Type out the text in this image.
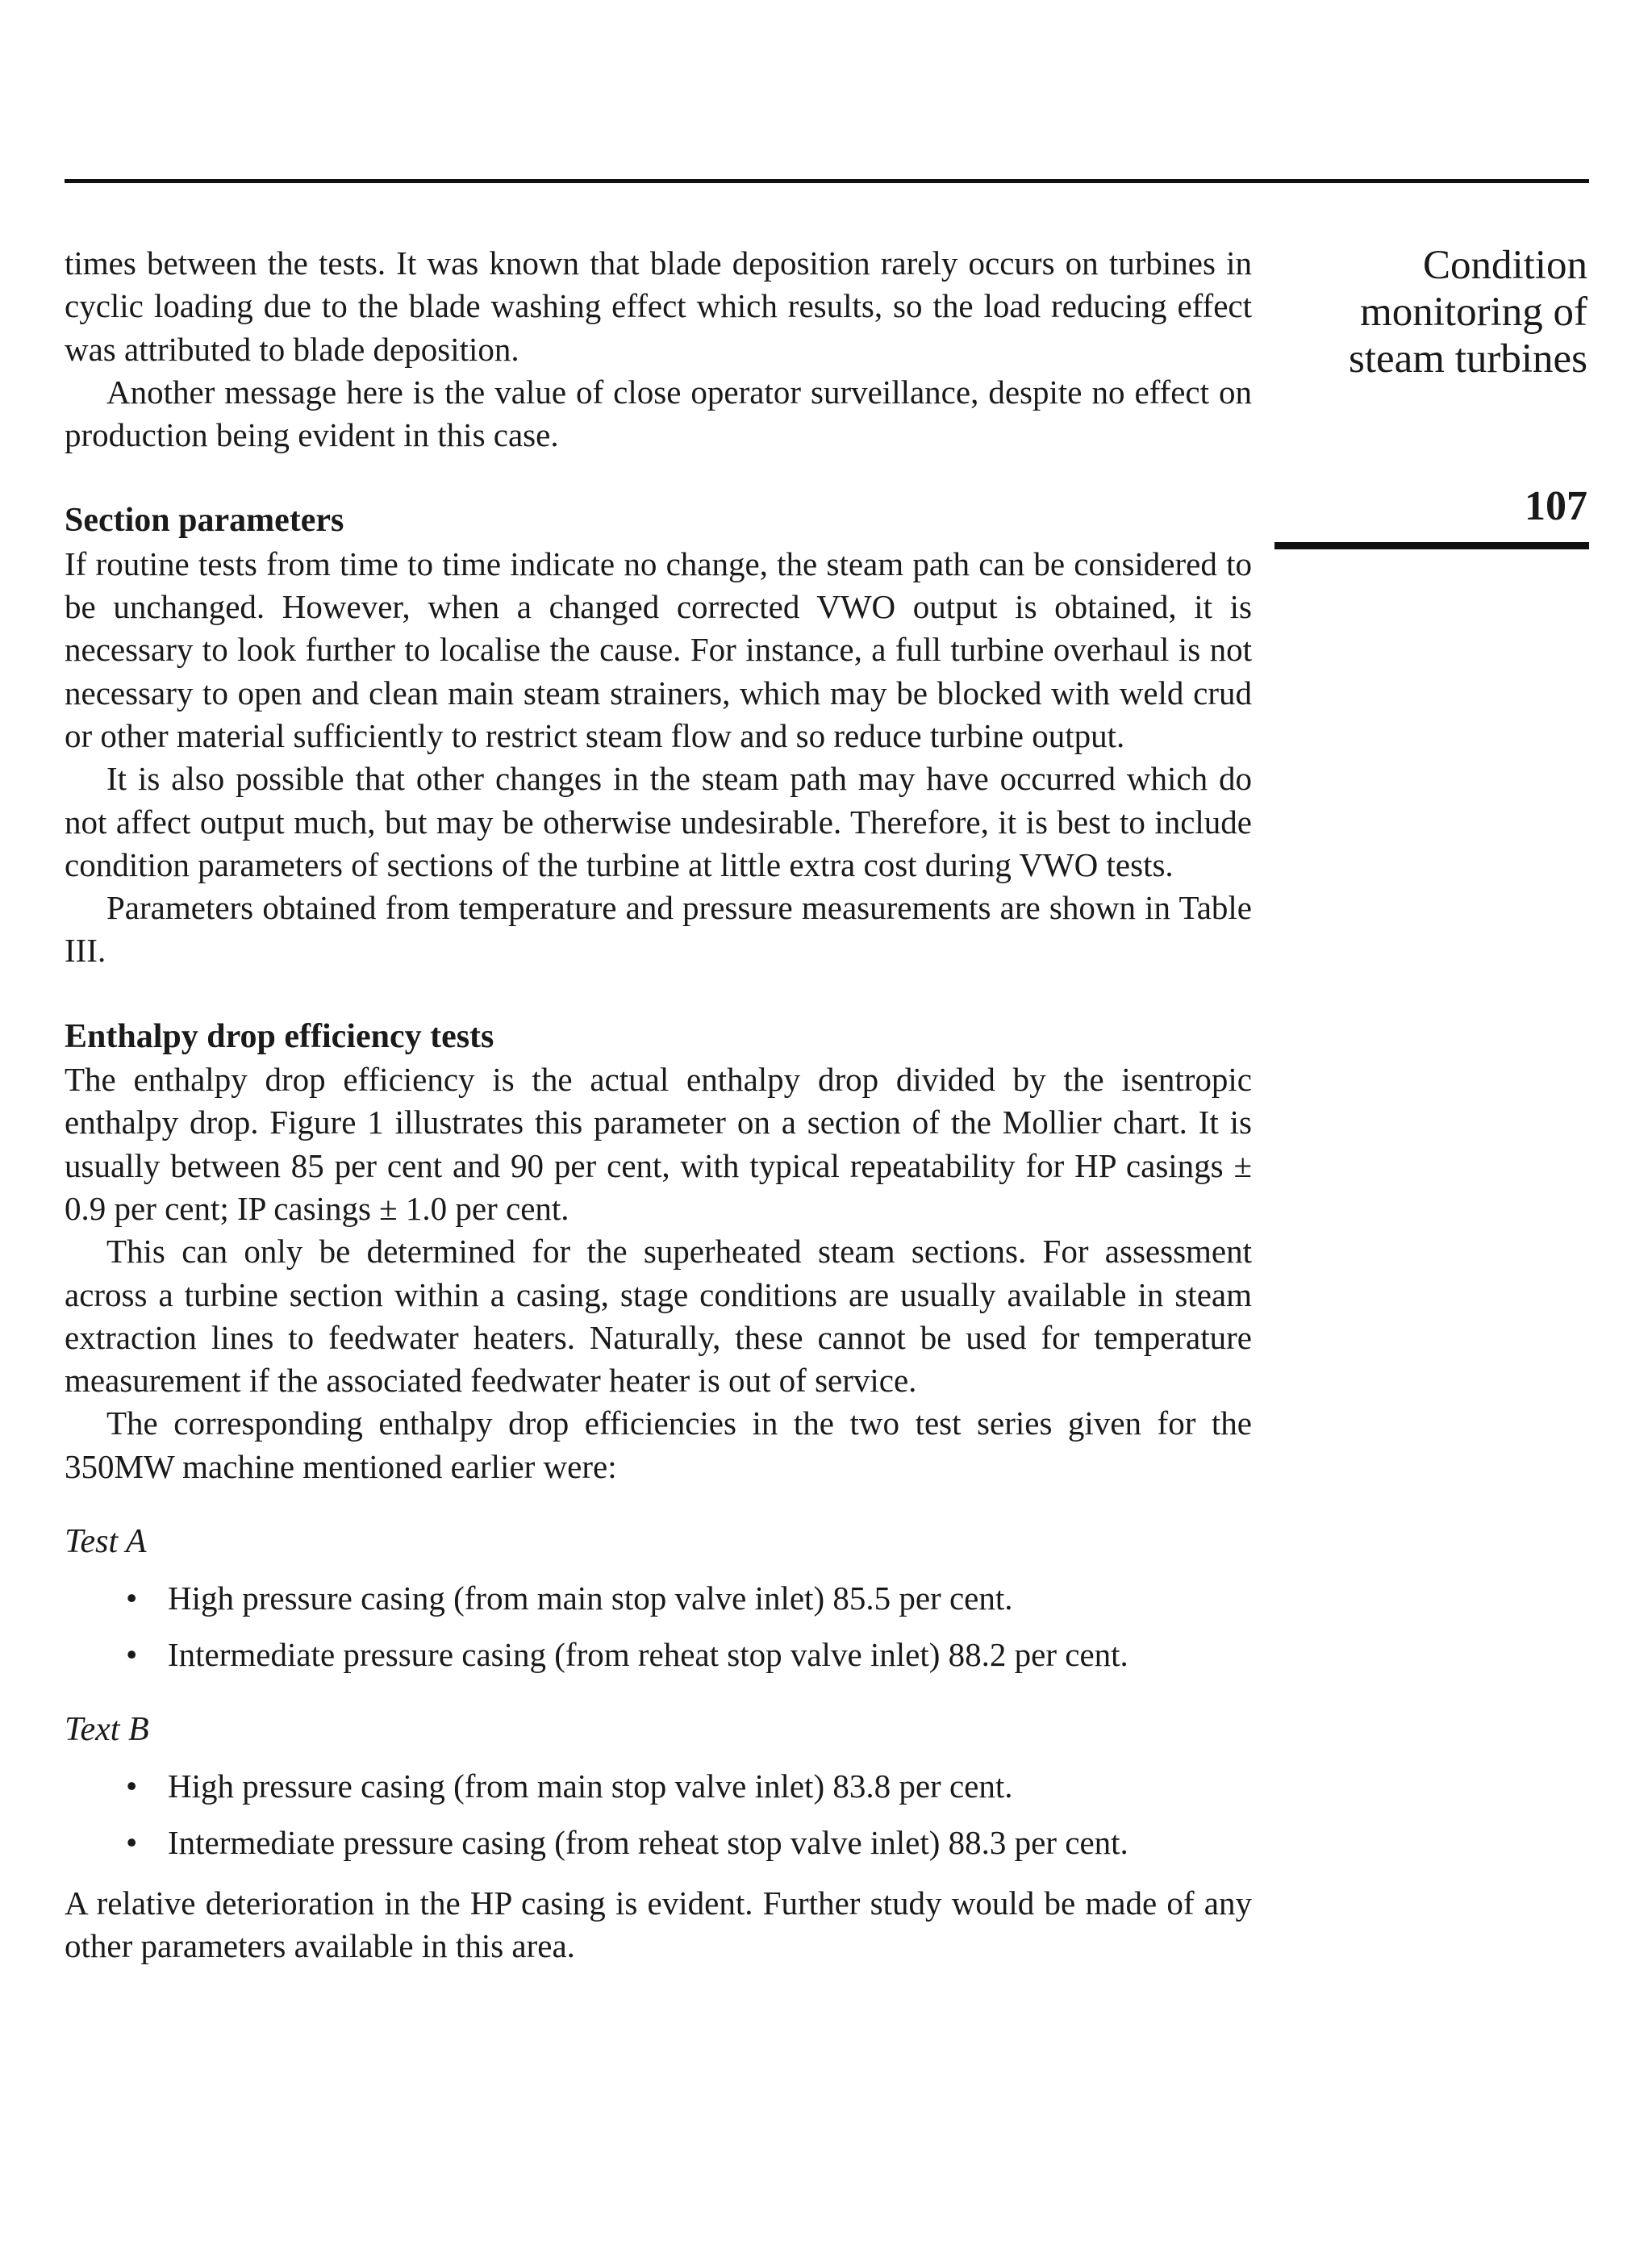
Condition

monitoring of

steam turbines

107

times between the tests. It was known that blade deposition rarely occurs on turbines in cyclic loading due to the blade washing effect which results, so the load reducing effect was attributed to blade deposition.

Another message here is the value of close operator surveillance, despite no effect on production being evident in this case.

Section parameters

If routine tests from time to time indicate no change, the steam path can be considered to be unchanged. However, when a changed corrected VWO output is obtained, it is necessary to look further to localise the cause. For instance, a full turbine overhaul is not necessary to open and clean main steam strainers, which may be blocked with weld crud or other material sufficiently to restrict steam flow and so reduce turbine output.

It is also possible that other changes in the steam path may have occurred which do not affect output much, but may be otherwise undesirable. Therefore, it is best to include condition parameters of sections of the turbine at little extra cost during VWO tests.

Parameters obtained from temperature and pressure measurements are shown in Table III.

Enthalpy drop efficiency tests

The enthalpy drop efficiency is the actual enthalpy drop divided by the isentropic enthalpy drop. Figure 1 illustrates this parameter on a section of the Mollier chart. It is usually between 85 per cent and 90 per cent, with typical repeatability for HP casings ± 0.9 per cent; IP casings ± 1.0 per cent.

This can only be determined for the superheated steam sections. For assessment across a turbine section within a casing, stage conditions are usually available in steam extraction lines to feedwater heaters. Naturally, these cannot be used for temperature measurement if the associated feedwater heater is out of service.

The corresponding enthalpy drop efficiencies in the two test series given for the 350MW machine mentioned earlier were:

Test A

• High pressure casing (from main stop valve inlet) 85.5 per cent.
• Intermediate pressure casing (from reheat stop valve inlet) 88.2 per cent.

Text B

• High pressure casing (from main stop valve inlet) 83.8 per cent.
• Intermediate pressure casing (from reheat stop valve inlet) 88.3 per cent.

A relative deterioration in the HP casing is evident. Further study would be made of any other parameters available in this area.
